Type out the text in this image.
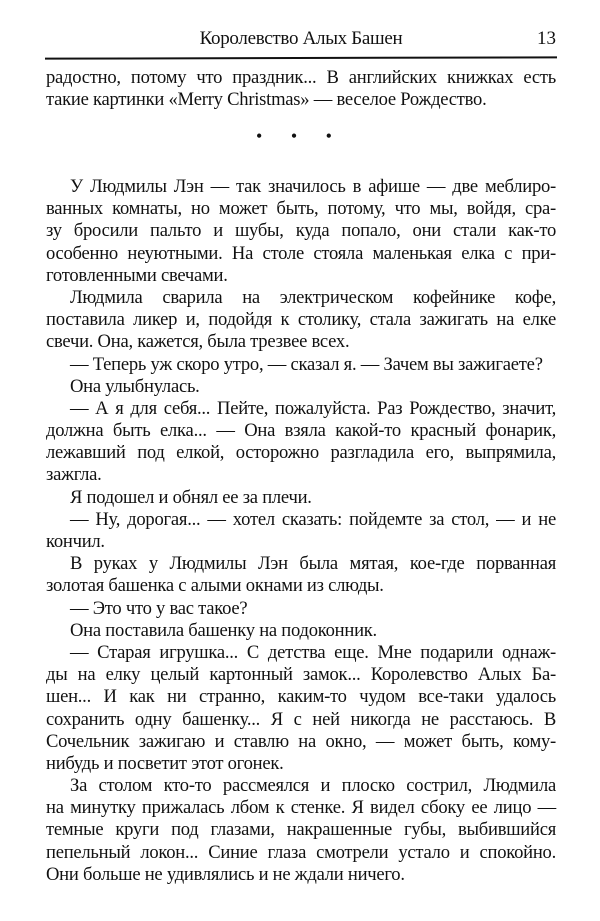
Королевство Алых Башен	13
радостно, потому что праздник... В английских книжках есть
такие картинки «Merry Christmas» — веселое Рождество.
• • •
У Людмилы Лэн — так значилось в афише — две меблиро-
ванных комнаты, но может быть, потому, что мы, войдя, сра-
зу бросили пальто и шубы, куда попало, они стали как-то
особенно неуютными. На столе стояла маленькая елка с при-
готовленными свечами.
Людмила сварила на электрическом кофейнике кофе,
поставила ликер и, подойдя к столику, стала зажигать на елке
свечи. Она, кажется, была трезвее всех.
— Теперь уж скоро утро, — сказал я. — Зачем вы зажигаете?
Она улыбнулась.
— А я для себя... Пейте, пожалуйста. Раз Рождество, значит,
должна быть елка... — Она взяла какой-то красный фонарик,
лежавший под елкой, осторожно разгладила его, выпрямила,
зажгла.
Я подошел и обнял ее за плечи.
— Ну, дорогая... — хотел сказать: пойдемте за стол, — и не
кончил.
В руках у Людмилы Лэн была мятая, кое-где порванная
золотая башенка с алыми окнами из слюды.
— Это что у вас такое?
Она поставила башенку на подоконник.
— Старая игрушка... С детства еще. Мне подарили однаж-
ды на елку целый картонный замок... Королевство Алых Ба-
шен... И как ни странно, каким-то чудом все-таки удалось
сохранить одну башенку... Я с ней никогда не расстаюсь. В
Сочельник зажигаю и ставлю на окно, — может быть, кому-
нибудь и посветит этот огонек.
За столом кто-то рассмеялся и плоско сострил, Людмила
на минутку прижалась лбом к стенке. Я видел сбоку ее лицо —
темные круги под глазами, накрашенные губы, выбившийся
пепельный локон... Синие глаза смотрели устало и спокойно.
Они больше не удивлялись и не ждали ничего.
